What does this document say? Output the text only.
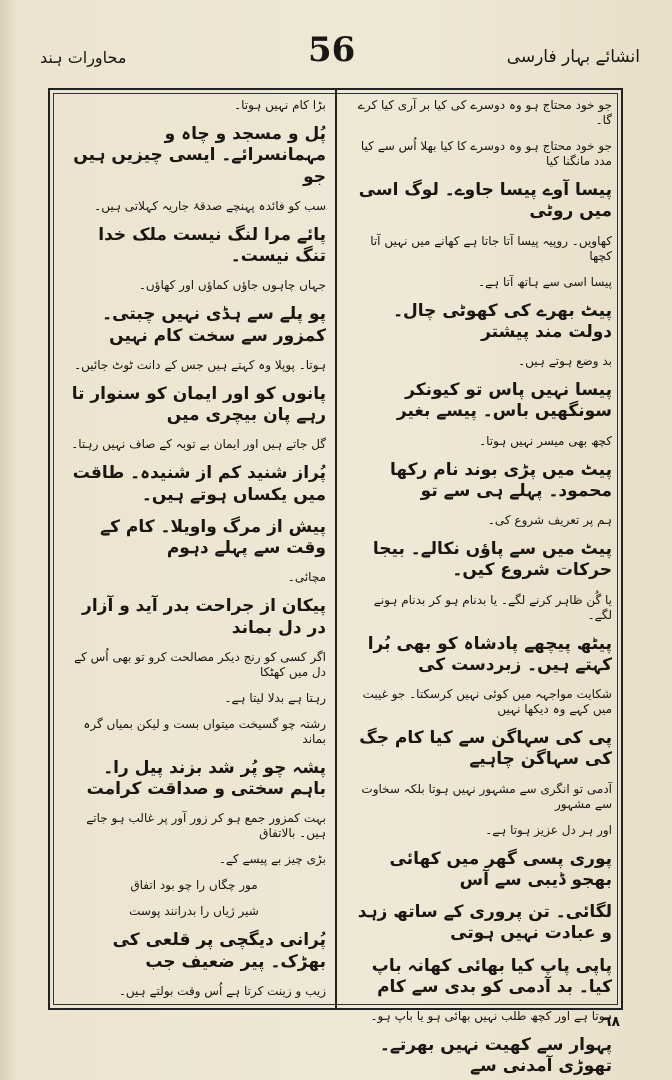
انشائے بہار فارسی
56
محاورات ہند
جو خود محتاج ہو وہ دوسرے کی کیا بر آری کیا کرے گا۔
جو خود محتاج ہو وہ دوسرے کا کیا بھلا اُس سے کیا مدد مانگنا کیا
پیسا آوے پیسا جاوے۔ لوگ اسی میں روٹی
کھاویں۔ روپیہ پیسا آتا جاتا ہے کھانے میں نہیں آتا کچھا
پیسا اسی سے ہاتھ آتا ہے۔
پیٹ بھرے کی کھوٹی چال۔ دولت مند پیشتر
بد وضع ہوتے ہیں۔
پیسا نہیں پاس تو کیونکر سونگھیں باس۔ پیسے بغیر
کچھ بھی میسر نہیں ہوتا۔
پیٹ میں پڑی بوند نام رکھا محمود۔ پہلے ہی سے تو
ہم پر تعریف شروع کی۔
پیٹ میں سے پاؤں نکالے۔ بیجا حرکات شروع کیں۔
یا گُن ظاہر کرنے لگے۔ یا بدنام ہو کر بدنام ہونے لگے۔
پیٹھ پیچھے پادشاہ کو بھی بُرا کہتے ہیں۔ زبردست کی
شکایت مواجہہ میں کوئی نہیں کرسکتا۔ جو غیبت میں کہے وہ دیکھا نہیں
پی کی سہاگن سے کیا کام جگ کی سہاگن چاہیے
آدمی تو انگری سے مشہور نہیں ہوتا بلکہ سخاوت سے مشہور
اور ہر دل عزیز ہوتا ہے۔
پوری پسی گھر میں کھائی بھجو ڈیبی سے آس
لگائی۔ تن پروری کے ساتھ زہد و عبادت نہیں ہوتی
پاپی پاپ کیا بھائی کھانہ باپ کیا۔ بد آدمی کو بدی سے کام
ہوتا ہے اور کچھ طلب نہیں بھائی ہو یا باپ ہو۔
پہوار سے کھیت نہیں بھرتے۔ تھوڑی آمدنی سے
بڑا کام نہیں ہوتا۔
پُل و مسجد و چاہ و مہمانسرائے۔ ایسی چیزیں ہیں جو
سب کو فائدہ پہنچے صدقۂ جاریہ کہلاتی ہیں۔
پائے مرا لنگ نیست ملک خدا تنگ نیست۔
جہاں چاہوں جاؤں کماؤں اور کھاؤں۔
پو پلے سے ہڈی نہیں چبتی۔ کمزور سے سخت کام نہیں
ہوتا۔ پوپلا وہ کہتے ہیں جس کے دانت ٹوٹ جائیں۔
پانوں کو اور ایمان کو سنوار تا رہے پان بیچری میں
گل جاتے ہیں اور ایمان بے توبہ کے صاف نہیں رہتا۔
پُراز شنید کم از شنیدہ۔ طاقت میں یکساں ہوتے ہیں۔
پیش از مرگ واویلا۔ کام کے وقت سے پہلے دہوم
مچائی۔
پیکان از جراحت بدر آید و آزار در دل بماند
اگر کسی کو رنج دیکر مصالحت کرو تو بھی اُس کے دل میں کھٹکا
رہتا ہے بدلا لیتا ہے۔
رشتہ چو گسیخت میتواں بست و لیکن بمیاں گرہ بماند
پشہ چو پُر شد بزند پیل را۔ باہم سختی و صداقت کرامت
بہت کمزور جمع ہو کر زور آور پر غالب ہو جاتے ہیں۔ بالاتفاق
بڑی چیز بے پیسے کے۔
مور چگاں را چو بود اتفاق
شیر ژیاں را بدرانند پوست
پُرانی دیگچی پر قلعی کی بھڑک۔ پیر ضعیف جب
زیب و زینت کرتا ہے اُس وقت بولتے ہیں۔
٦٨
